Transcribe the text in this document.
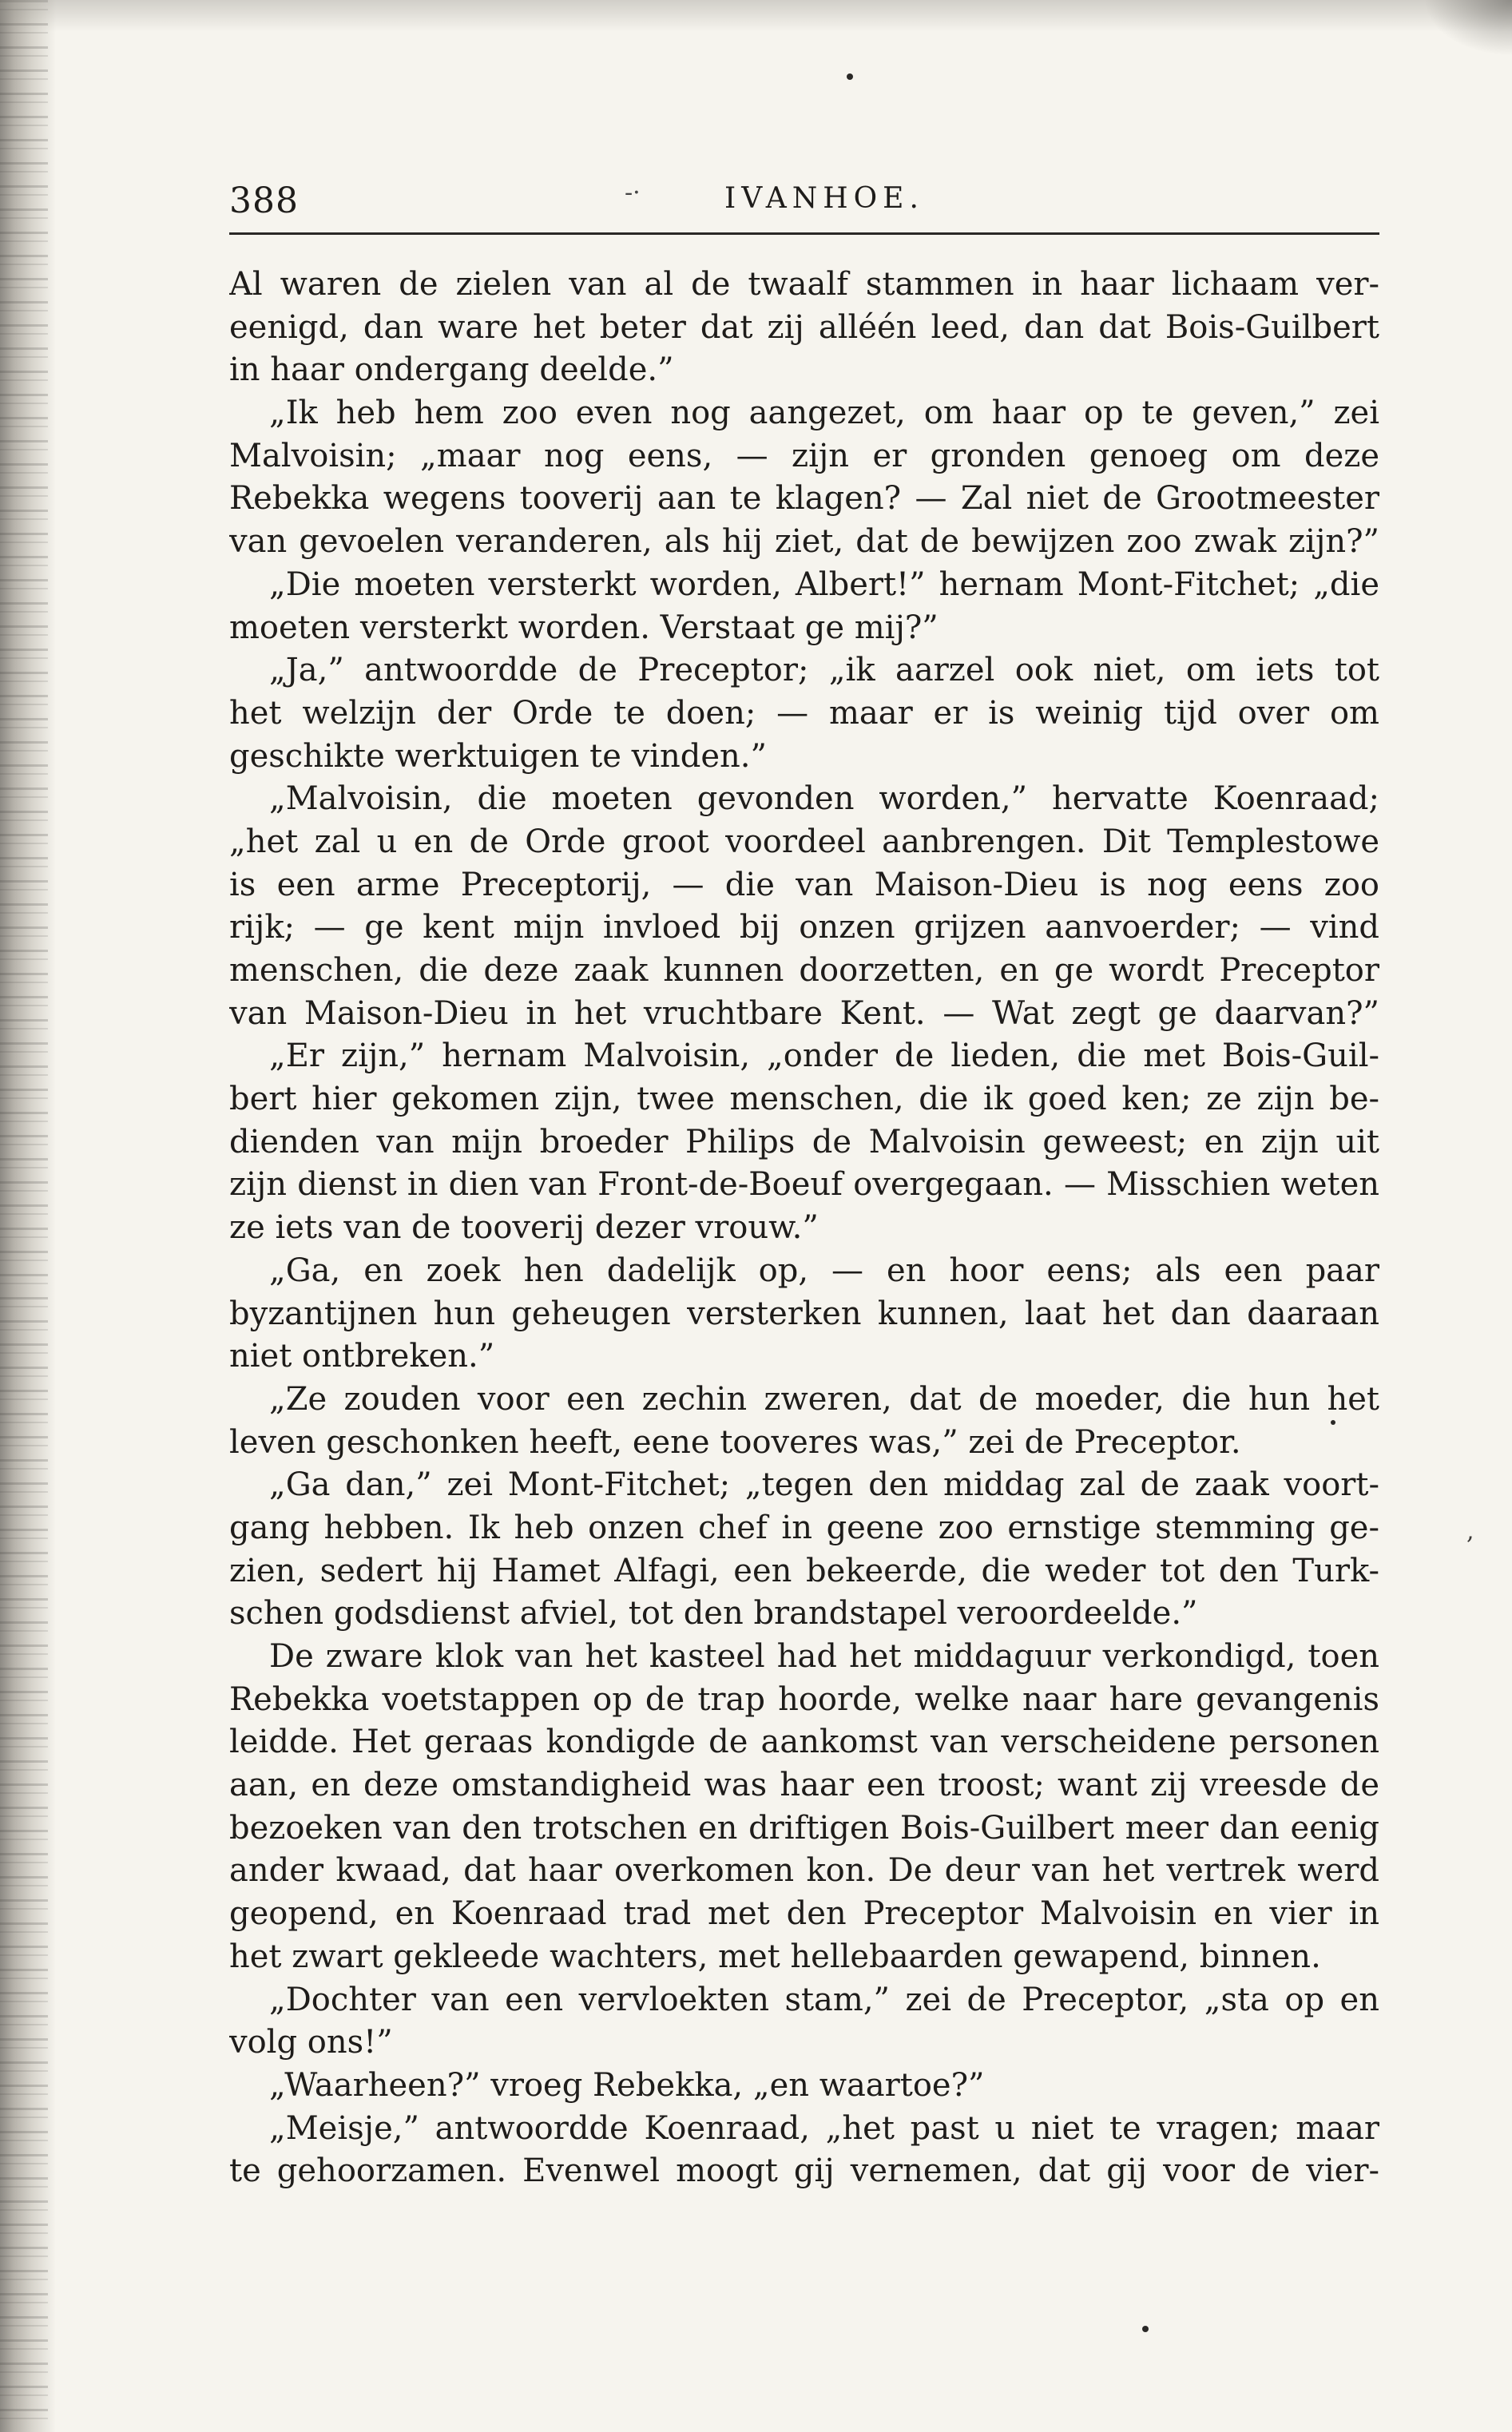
388	-·	IVANHOE.
Al waren de zielen van al de twaalf stammen in haar lichaam ver-
eenigd, dan ware het beter dat zij alléén leed, dan dat Bois-Guilbert
in haar ondergang deelde.”
„Ik heb hem zoo even nog aangezet, om haar op te geven,” zei
Malvoisin; „maar nog eens, — zijn er gronden genoeg om deze
Rebekka wegens tooverij aan te klagen? — Zal niet de Grootmeester
van gevoelen veranderen, als hij ziet, dat de bewijzen zoo zwak zijn?”
„Die moeten versterkt worden, Albert!” hernam Mont-Fitchet; „die
moeten versterkt worden. Verstaat ge mij?”
„Ja,” antwoordde de Preceptor; „ik aarzel ook niet, om iets tot
het welzijn der Orde te doen; — maar er is weinig tijd over om
geschikte werktuigen te vinden.”
„Malvoisin, die moeten gevonden worden,” hervatte Koenraad;
„het zal u en de Orde groot voordeel aanbrengen. Dit Templestowe
is een arme Preceptorij, — die van Maison-Dieu is nog eens zoo
rijk; — ge kent mijn invloed bij onzen grijzen aanvoerder; — vind
menschen, die deze zaak kunnen doorzetten, en ge wordt Preceptor
van Maison-Dieu in het vruchtbare Kent. — Wat zegt ge daarvan?”
„Er zijn,” hernam Malvoisin, „onder de lieden, die met Bois-Guil-
bert hier gekomen zijn, twee menschen, die ik goed ken; ze zijn be-
dienden van mijn broeder Philips de Malvoisin geweest; en zijn uit
zijn dienst in dien van Front-de-Boeuf overgegaan. — Misschien weten
ze iets van de tooverij dezer vrouw.”
„Ga, en zoek hen dadelijk op, — en hoor eens; als een paar
byzantijnen hun geheugen versterken kunnen, laat het dan daaraan
niet ontbreken.”
„Ze zouden voor een zechin zweren, dat de moeder, die hun het
leven geschonken heeft, eene tooveres was,” zei de Preceptor.
„Ga dan,” zei Mont-Fitchet; „tegen den middag zal de zaak voort-
gang hebben. Ik heb onzen chef in geene zoo ernstige stemming ge-
zien, sedert hij Hamet Alfagi, een bekeerde, die weder tot den Turk-
schen godsdienst afviel, tot den brandstapel veroordeelde.”
De zware klok van het kasteel had het middaguur verkondigd, toen
Rebekka voetstappen op de trap hoorde, welke naar hare gevangenis
leidde. Het geraas kondigde de aankomst van verscheidene personen
aan, en deze omstandigheid was haar een troost; want zij vreesde de
bezoeken van den trotschen en driftigen Bois-Guilbert meer dan eenig
ander kwaad, dat haar overkomen kon. De deur van het vertrek werd
geopend, en Koenraad trad met den Preceptor Malvoisin en vier in
het zwart gekleede wachters, met hellebaarden gewapend, binnen.
„Dochter van een vervloekten stam,” zei de Preceptor, „sta op en
volg ons!”
„Waarheen?” vroeg Rebekka, „en waartoe?”
„Meisje,” antwoordde Koenraad, „het past u niet te vragen; maar
te gehoorzamen. Evenwel moogt gij vernemen, dat gij voor de vier-
,
